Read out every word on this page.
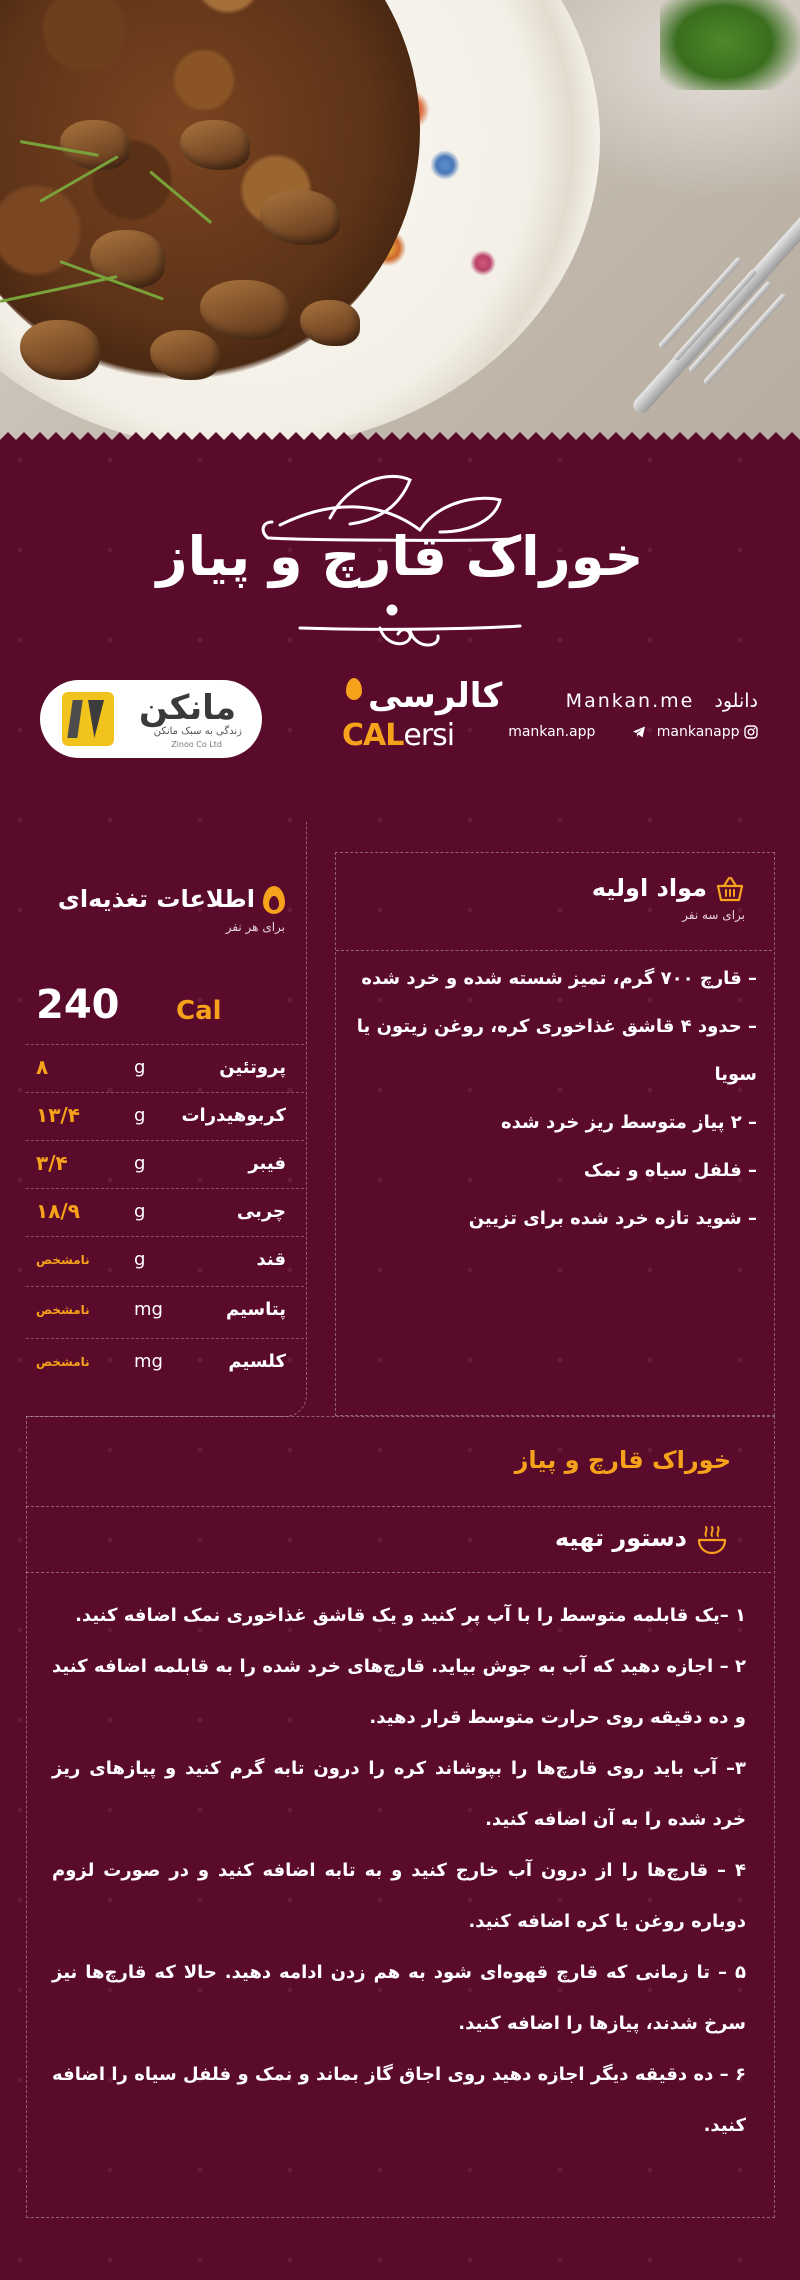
خوراک قارچ و پیاز
مانکن
زندگی به سبک مانکن
Zinoo Co Ltd
کالرسی
CALersi
دانلود Mankan.me
mankan.app	mankanapp
اطلاعات تغذیه‌ای
برای هر نفر
240 Cal
پروتئین
g
۸
کربوهیدرات
g
۱۳/۴
فیبر
g
۳/۴
چربی
g
۱۸/۹
قند
g
نامشخص
پتاسیم
mg
نامشخص
کلسیم
mg
نامشخص
مواد اولیه
برای سه نفر
– قارچ ۷۰۰ گرم، تمیز شسته شده و خرد شده
– حدود ۴ قاشق غذاخوری کره، روغن زیتون یا سویا
– ۲ پیاز متوسط ریز خرد شده
– فلفل سیاه و نمک
– شوید تازه خرد شده برای تزیین
خوراک قارچ و پیاز
دستور تهیه
۱ –یک قابلمه متوسط را با آب پر کنید و یک قاشق غذاخوری نمک اضافه کنید.
۲ – اجازه دهید که آب به جوش بیاید. قارچ‌های خرد شده را به قابلمه اضافه کنید و ده دقیقه روی حرارت متوسط قرار دهید.
۳– آب باید روی قارچ‌ها را بپوشاند کره را درون تابه گرم کنید و پیازهای ریز خرد شده را به آن اضافه کنید.
۴ – قارچ‌ها را از درون آب خارج کنید و به تابه اضافه کنید و در صورت لزوم دوباره روغن یا کره اضافه کنید.
۵ – تا زمانی که قارچ قهوه‌ای شود به هم زدن ادامه دهید. حالا که قارچ‌ها نیز سرخ شدند، پیازها را اضافه کنید.
۶ – ده دقیقه دیگر اجازه دهید روی اجاق گاز بماند و نمک و فلفل سیاه را اضافه کنید.
